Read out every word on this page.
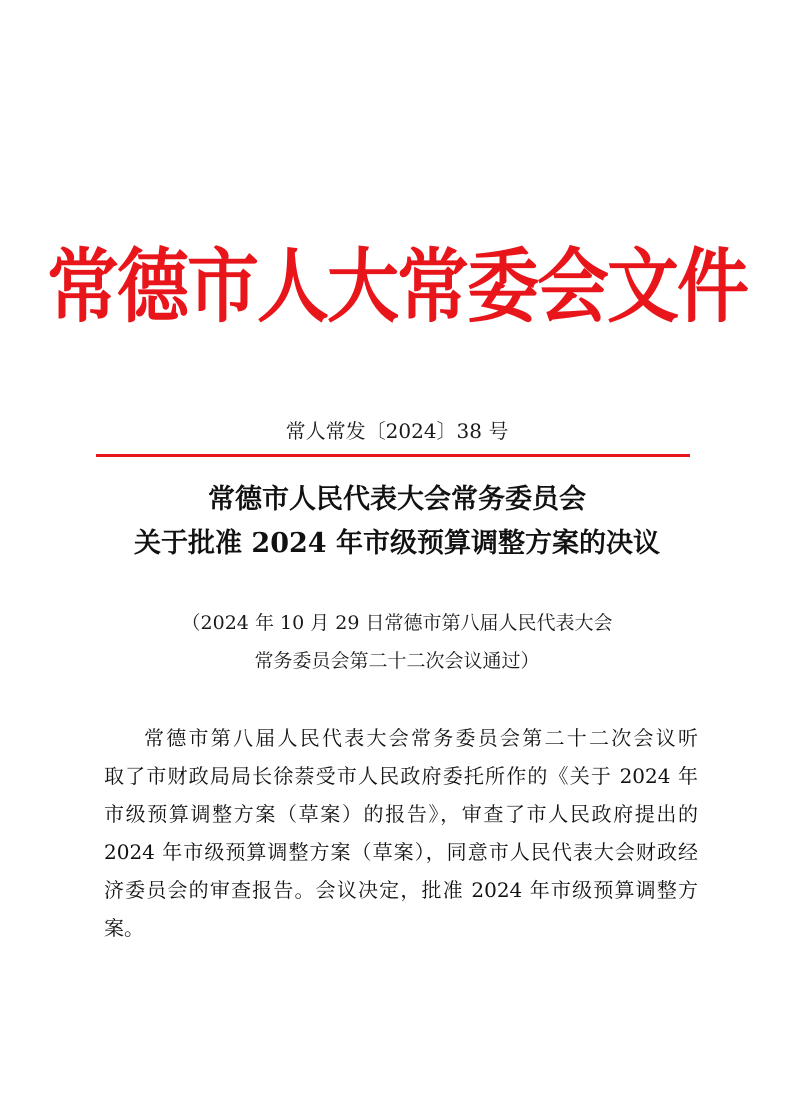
常德市人大常委会文件
常人常发〔2024〕38 号
常德市人民代表大会常务委员会
关于批准 2024 年市级预算调整方案的决议
（2024 年 10 月 29 日常德市第八届人民代表大会
常务委员会第二十二次会议通过）
常德市第八届人民代表大会常务委员会第二十二次会议听
取了市财政局局长徐萘受市人民政府委托所作的《关于 2024 年
市级预算调整方案（草案）的报告》，审查了市人民政府提出的
2024 年市级预算调整方案（草案），同意市人民代表大会财政经
济委员会的审查报告。会议决定，批准 2024 年市级预算调整方
案。
